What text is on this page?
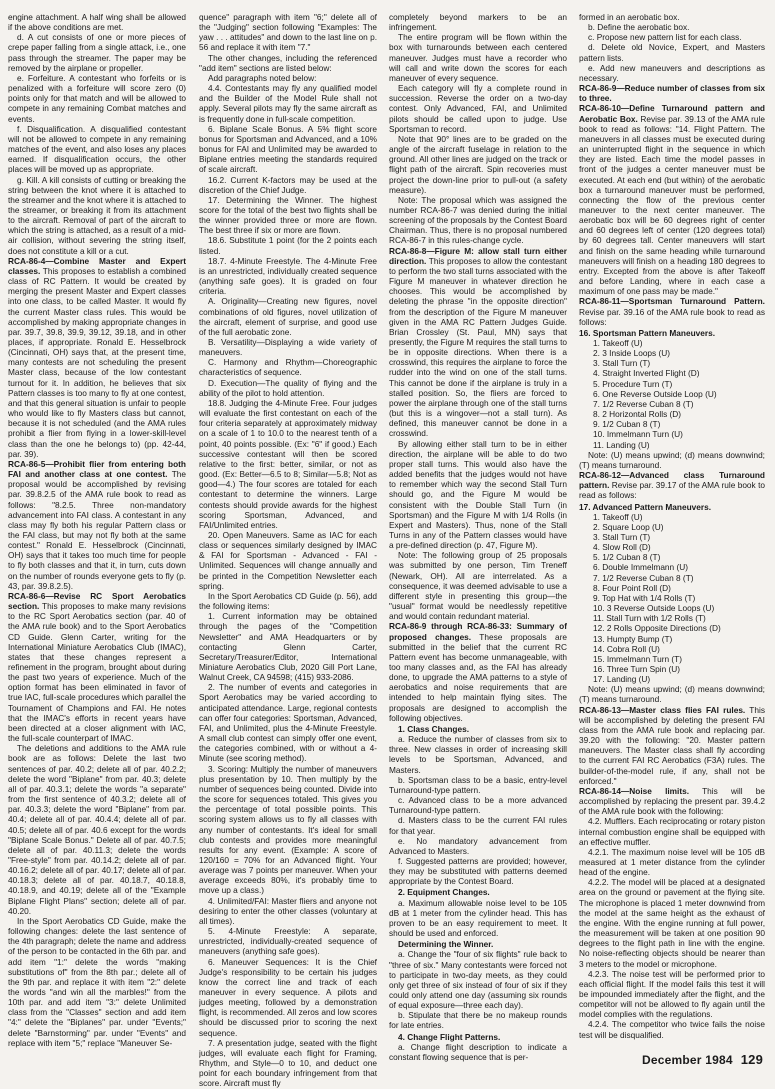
engine attachment. A half wing shall be allowed if the above conditions are met.

d. A cut consists of one or more pieces of crepe paper falling from a single attack, i.e., one pass through the streamer. The paper may be removed by the airplane or propeller.

e. Forfeiture. A contestant who forfeits or is penalized with a forfeiture will score zero (0) points only for that match and will be allowed to compete in any remaining Combat matches and events.

f. Disqualification. A disqualified contestant will not be allowed to compete in any remaining matches of the event, and also loses any places earned. If disqualification occurs, the other places will be moved up as appropriate.

g. Kill. A kill consists of cutting or breaking the string between the knot where it is attached to the streamer and the knot where it is attached to the streamer, or breaking it from its attachment to the aircraft. Removal of part of the aircraft to which the string is attached, as a result of a mid-air collision, without severing the string itself, does not constitute a kill or a cut.

RCA-86-4—Combine Master and Expert classes. This proposes to establish a combined class of RC Pattern. It would be created by merging the present Master and Expert classes into one class, to be called Master. It would fly the current Master class rules. This would be accomplished by making appropriate changes in par. 39.7, 39.8, 39.9, 39.12, 39.18, and in other places, if appropriate. Ronald E. Hesselbrock (Cincinnati, OH) says that, at the present time, many contests are not scheduling the present Master class, because of the low contestant turnout for it. In addition, he believes that six Pattern classes is too many to fly at one contest, and that this general situation is unfair to people who would like to fly Masters class but cannot, because it is not scheduled (and the AMA rules prohibit a flier from flying in a lower-skill-level class than the one he belongs to) (pp. 42-44, par. 39).

RCA-86-5—Prohibit flier from entering both FAI and another class at one contest. The proposal would be accomplished by revising par. 39.8.2.5 of the AMA rule book to read as follows: "8.2.5. Three non-mandatory advancement into FAI class. A contestant in any class may fly both his regular Pattern class or the FAI class, but may not fly both at the same contest." Ronald E. Hesselbrock (Cincinnati, OH) says that it takes too much time for people to fly both classes and that it, in turn, cuts down on the number of rounds everyone gets to fly (p. 43, par. 39.8.2.5).

RCA-86-6—Revise RC Sport Aerobatics section. This proposes to make many revisions to the RC Sport Aerobatics section (par. 40 of the AMA rule book) and to the Sport Aerobatics CD Guide. Glenn Carter, writing for the International Miniature Aerobatics Club (IMAC), states that these changes represent a refinement in the program, brought about during the past two years of experience. Much of the option format has been eliminated in favor of true IAC, full-scale procedures which parallel the Tournament of Champions and FAI. He notes that the IMAC's efforts in recent years have been directed at a closer alignment with IAC, the full-scale counterpart of IMAC.

The deletions and additions to the AMA rule book are as follows: Delete the last two sentences of par. 40.2; delete all of par. 40.2.2; delete the word "Biplane" from par. 40.3; delete all of par. 40.3.1; delete the words "a separate" from the first sentence of 40.3.2; delete all of par. 40.3.3; delete the word "Biplane" from par. 40.4; delete all of par. 40.4.4; delete all of par. 40.5; delete all of par. 40.6 except for the words "Biplane Scale Bonus." Delete all of par. 40.7.5; delete all of par. 40.11.3; delete the words "Free-style" from par. 40.14.2; delete all of par. 40.16.2; delete all of par. 40.17; delete all of par. 40.18.3; delete all of par. 40.18.7, 40.18.8, 40.18.9, and 40.19; delete all of the "Example Biplane Flight Plans" section; delete all of par. 40.20.

In the Sport Aerobatics CD Guide, make the following changes: delete the last sentence of the 4th paragraph; delete the name and address of the person to be contacted in the 6th par. and add item "1:" delete the words "making substitutions of" from the 8th par.; delete all of the 9th par. and replace it with item "2:" delete the words "and win all the marbles!" from the 10th par. and add item "3:" delete Unlimited class from the "Classes" section and add item "4:" delete the "Biplanes" par. under "Events;" delete "Barnstorming" par. under "Events" and replace with item "5;" replace "Maneuver Se-

quence" paragraph with item "6;" delete all of the "Judging" section following "Examples: The yaw . . . attitudes" and down to the last line on p. 56 and replace it with item "7."

The other changes, including the referenced "add item" sections are listed below:

Add paragraphs noted below:

4.4. Contestants may fly any qualified model and the Builder of the Model Rule shall not apply. Several pilots may fly the same aircraft as is frequently done in full-scale competition.

6. Biplane Scale Bonus. A 5% flight score bonus for Sportsman and Advanced, and a 10% bonus for FAI and Unlimited may be awarded to Biplane entries meeting the standards required of scale aircraft.

16.2. Current K-factors may be used at the discretion of the Chief Judge.

17. Determining the Winner. The highest score for the total of the best two flights shall be the winner provided three or more are flown. The best three if six or more are flown.

18.6. Substitute 1 point (for the 2 points each listed.

18.7. 4-Minute Freestyle. The 4-Minute Free is an unrestricted, individually created sequence (anything safe goes). It is graded on four criteria.

A. Originality—Creating new figures, novel combinations of old figures, novel utilization of the aircraft, element of surprise, and good use of the full aerobatic zone.

B. Versatility—Displaying a wide variety of maneuvers.

C. Harmony and Rhythm—Choreographic characteristics of sequence.

D. Execution—The quality of flying and the ability of the pilot to hold attention.

18.8. Judging the 4-Minute Free. Four judges will evaluate the first contestant on each of the four criteria separately at approximately midway on a scale of 1 to 10.0 to the nearest tenth of a point, 40 points possible. (Ex: "6" if good.) Each successive contestant will then be scored relative to the first: better, similar, or not as good. (Ex: Better—6.5 to 8; Similar—5.8; Not as good—4.) The four scores are totaled for each contestant to determine the winners. Large contests should provide awards for the highest scoring Sportsman, Advanced, and FAI/Unlimited entries.

20. Open Maneuvers. Same as IAC for each class or sequences similarly designed by IMAC & FAI for Sportsman - Advanced - FAI - Unlimited. Sequences will change annually and be printed in the Competition Newsletter each spring.

In the Sport Aerobatics CD Guide (p. 56), add the following items:

1. Current information may be obtained through the pages of the "Competition Newsletter" and AMA Headquarters or by contacting Glenn Carter, Secretary/Treasurer/Editor, International Miniature Aerobatics Club, 2020 Gill Port Lane, Walnut Creek, CA 94598; (415) 933-2086.

2. The number of events and categories in Sport Aerobatics may be varied according to anticipated attendance. Large, regional contests can offer four categories: Sportsman, Advanced, FAI, and Unlimited, plus the 4-Minute Freestyle. A small club contest can simply offer one event, the categories combined, with or without a 4-Minute (see scoring method).

3. Scoring: Multiply the number of maneuvers plus presentation by 10. Then multiply by the number of sequences being counted. Divide into the score for sequences totaled. This gives you the percentage of total possible points. This scoring system allows us to fly all classes with any number of contestants. It's ideal for small club contests and provides more meaningful results for any event. (Example: A score of 120/160 = 70% for an Advanced flight. Your average was 7 points per maneuver. When your average exceeds 80%, it's probably time to move up a class.)

4. Unlimited/FAI: Master fliers and anyone not desiring to enter the other classes (voluntary at all times).

5. 4-Minute Freestyle: A separate, unrestricted, individually-created sequence of maneuvers (anything safe goes).

6. Maneuver Sequences: It is the Chief Judge's responsibility to be certain his judges know the correct line and track of each maneuver in every sequence. A pilots and judges meeting, followed by a demonstration flight, is recommended. All zeros and low scores should be discussed prior to scoring the next sequence.

7. A presentation judge, seated with the flight judges, will evaluate each flight for Framing, Rhythm, and Style—0 to 10, and deduct one point for each boundary infringement from that score. Aircraft must fly

completely beyond markers to be an infringement.

The entire program will be flown within the box with turnarounds between each centered maneuver. Judges must have a recorder who will call and write down the scores for each maneuver of every sequence.

Each category will fly a complete round in succession. Reverse the order on a two-day contest. Only Advanced, FAI, and Unlimited pilots should be called upon to judge. Use Sportsman to record.

Note that 90° lines are to be graded on the angle of the aircraft fuselage in relation to the ground. All other lines are judged on the track or flight path of the aircraft. Spin recoveries must project the down-line prior to pull-out (a safety measure).

Note: The proposal which was assigned the number RCA-86-7 was denied during the initial screening of the proposals by the Contest Board Chairman. Thus, there is no proposal numbered RCA-86-7 in this rules-change cycle.

RCA-86-8—Figure M: allow stall turn either direction. This proposes to allow the contestant to perform the two stall turns associated with the Figure M maneuver in whatever direction he chooses. This would be accomplished by deleting the phrase "in the opposite direction" from the description of the Figure M maneuver given in the AMA RC Pattern Judges Guide. Brian Crossley (St. Paul, MN) says that presently, the Figure M requires the stall turns to be in opposite directions. When there is a crosswind, this requires the airplane to force the rudder into the wind on one of the stall turns. This cannot be done if the airplane is truly in a stalled position. So, the fliers are forced to power the airplane through one of the stall turns (but this is a wingover—not a stall turn). As defined, this maneuver cannot be done in a crosswind.

By allowing either stall turn to be in either direction, the airplane will be able to do two proper stall turns. This would also have the added benefits that the judges would not have to remember which way the second Stall Turn should go, and the Figure M would be consistent with the Double Stall Turn (in Sportsman) and the Figure M with 1/4 Rolls (in Expert and Masters). Thus, none of the Stall Turns in any of the Pattern classes would have a pre-defined direction (p. 47, Figure M).

Note: The following group of 25 proposals was submitted by one person, Tim Treneff (Newark, OH). All are interrelated. As a consequence, it was deemed advisable to use a different style in presenting this group—the "usual" format would be needlessly repetitive and would contain redundant material.

RCA-86-9 through RCA-86-33: Summary of proposed changes. These proposals are submitted in the belief that the current RC Pattern event has become unmanageable, with too many classes and, as the FAI has already done, to upgrade the AMA patterns to a style of aerobatics and noise requirements that are intended to help maintain flying sites. The proposals are designed to accomplish the following objectives.

1. Class Changes.

a. Reduce the number of classes from six to three. New classes in order of increasing skill levels to be Sportsman, Advanced, and Masters.

b. Sportsman class to be a basic, entry-level Turnaround-type pattern.

c. Advanced class to be a more advanced Turnaround-type pattern.

d. Masters class to be the current FAI rules for that year.

e. No mandatory advancement from Advanced to Masters.

f. Suggested patterns are provided; however, they may be substituted with patterns deemed appropriate by the Contest Board.

2. Equipment Changes.

a. Maximum allowable noise level to be 105 dB at 1 meter from the cylinder head. This has proven to be an easy requirement to meet. It should be used and enforced.

Determining the Winner.

a. Change the "four of six flights" rule back to "three of six." Many contestants were forced not to participate in two-day meets, as they could only get three of six instead of four of six if they could only attend one day (assuming six rounds of equal exposure—three each day).

b. Stipulate that there be no makeup rounds for late entries.

4. Change Flight Patterns.

a. Change flight description to indicate a constant flowing sequence that is per-

formed in an aerobatic box.

b. Define the aerobatic box.

c. Propose new pattern list for each class.

d. Delete old Novice, Expert, and Masters pattern lists.

e. Add new maneuvers and descriptions as necessary.

RCA-86-9—Reduce number of classes from six to three.

RCA-86-10—Define Turnaround pattern and Aerobatic Box. Revise par. 39.13 of the AMA rule book to read as follows: "14. Flight Pattern. The maneuvers in all classes must be executed during an uninterrupted flight in the sequence in which they are listed. Each time the model passes in front of the judges a center maneuver must be executed. At each end (but within) of the aerobatic box a turnaround maneuver must be performed, connecting the flow of the previous center maneuver to the next center maneuver. The aerobatic box will be 60 degrees right of center and 60 degrees left of center (120 degrees total) by 60 degrees tall. Center maneuvers will start and finish on the same heading while turnaround maneuvers will finish on a heading 180 degrees to entry. Excepted from the above is after Takeoff and before Landing, where in each case a maximum of one pass may be made."

RCA-86-11—Sportsman Turnaround Pattern. Revise par. 39.16 of the AMA rule book to read as follows:

16. Sportsman Pattern Maneuvers.

1. Takeoff (U)
2. 3 Inside Loops (U)
3. Stall Turn (T)
4. Straight Inverted Flight (D)
5. Procedure Turn (T)
6. One Reverse Outside Loop (U)
7. 1/2 Reverse Cuban 8 (T)
8. 2 Horizontal Rolls (D)
9. 1/2 Cuban 8 (T)
10. Immelmann Turn (U)
11. Landing (U)

Note: (U) means upwind; (d) means downwind; (T) means turnaround.

RCA-86-12—Advanced class Turnaround pattern. Revise par. 39.17 of the AMA rule book to read as follows:

17. Advanced Pattern Maneuvers.

1. Takeoff (U)
2. Square Loop (U)
3. Stall Turn (T)
4. Slow Roll (D)
5. 1/2 Cuban 8 (T)
6. Double Immelmann (U)
7. 1/2 Reverse Cuban 8 (T)
8. Four Point Roll (D)
9. Top Hat with 1/4 Rolls (T)
10. 3 Reverse Outside Loops (U)
11. Stall Turn with 1/2 Rolls (T)
12. 2 Rolls Opposite Directions (D)
13. Humpty Bump (T)
14. Cobra Roll (U)
15. Immelmann Turn (T)
16. Three Turn Spin (U)
17. Landing (U)

Note: (U) means upwind; (d) means downwind; (T) means turnaround.

RCA-86-13—Master class flies FAI rules. This will be accomplished by deleting the present FAI class from the AMA rule book and replacing par. 39.20 with the following: "20. Master pattern maneuvers. The Master class shall fly according to the current FAI RC Aerobatics (F3A) rules. The builder-of-the-model rule, if any, shall not be enforced."

RCA-86-14—Noise limits. This will be accomplished by replacing the present par. 39.4.2 of the AMA rule book with the following:

4.2. Mufflers. Each reciprocating or rotary piston internal combustion engine shall be equipped with an effective muffler.

4.2.1. The maximum noise level will be 105 dB measured at 1 meter distance from the cylinder head of the engine.

4.2.2. The model will be placed at a designated area on the ground or pavement at the flying site. The microphone is placed 1 meter downwind from the model at the same height as the exhaust of the engine. With the engine running at full power, the measurement will be taken at one position 90 degrees to the flight path in line with the engine. No noise-reflecting objects should be nearer than 3 meters to the model or microphone.

4.2.3. The noise test will be performed prior to each official flight. If the model fails this test it will be impounded immediately after the flight, and the competitor will not be allowed to fly again until the model complies with the regulations.

4.2.4. The competitor who twice fails the noise test will be disqualified.

December 1984 129
